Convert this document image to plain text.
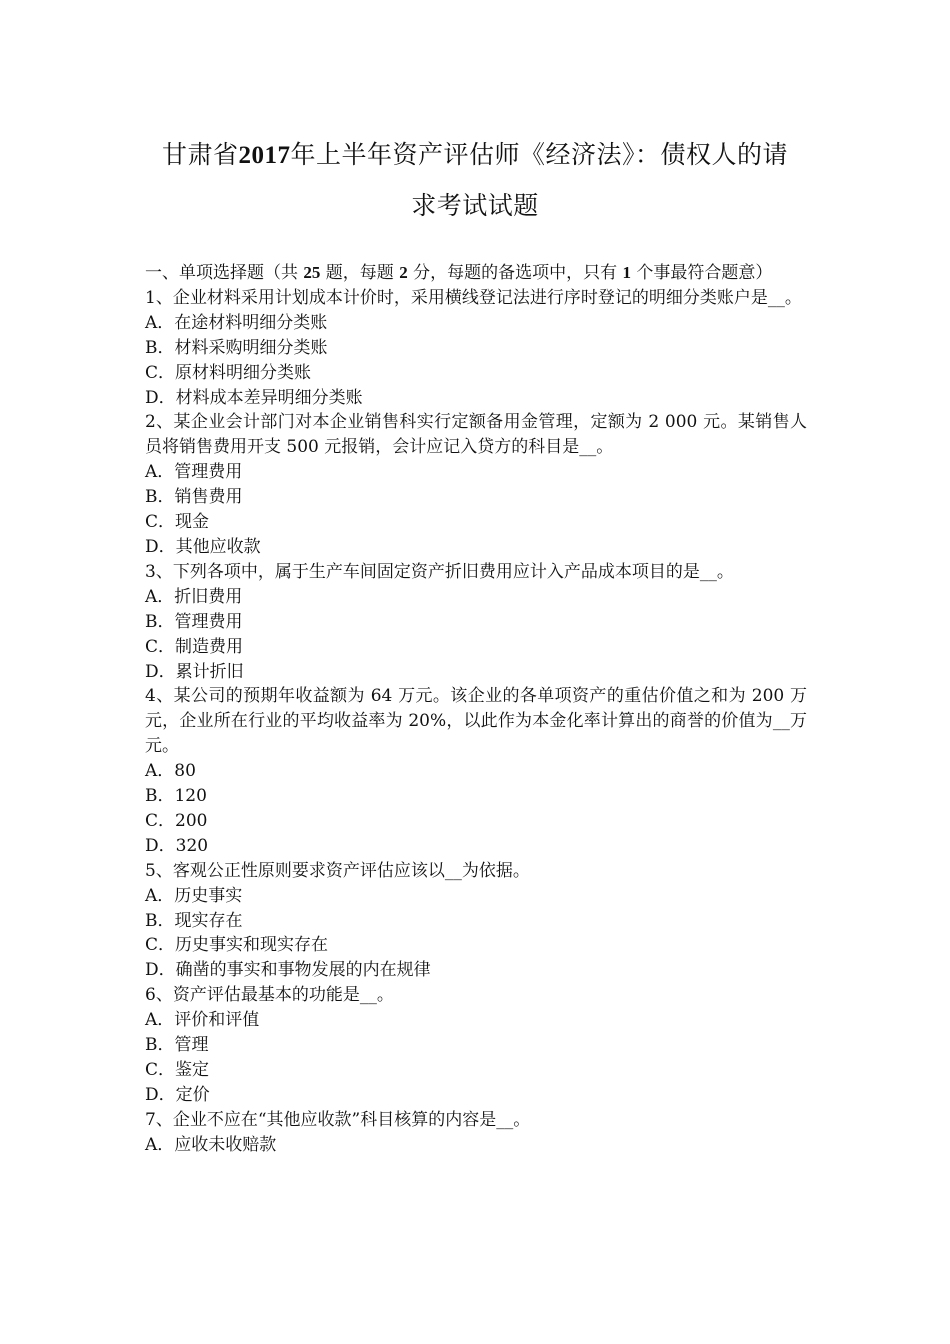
甘肃省2017年上半年资产评估师《经济法》：债权人的请
求考试试题

一、单项选择题（共 25 题，每题 2 分，每题的备选项中，只有 1 个事最符合题意）

1、企业材料采用计划成本计价时，采用横线登记法进行序时登记的明细分类账户是__。

A．在途材料明细分类账

B．材料采购明细分类账

C．原材料明细分类账

D．材料成本差异明细分类账

2、某企业会计部门对本企业销售科实行定额备用金管理，定额为 2 000 元。某销售人员将销售费用开支 500 元报销，会计应记入贷方的科目是__。

A．管理费用

B．销售费用

C．现金

D．其他应收款

3、下列各项中，属于生产车间固定资产折旧费用应计入产品成本项目的是__。

A．折旧费用

B．管理费用

C．制造费用

D．累计折旧

4、某公司的预期年收益额为 64 万元。该企业的各单项资产的重估价值之和为 200 万元，企业所在行业的平均收益率为 20%，以此作为本金化率计算出的商誉的价值为__万元。

A．80

B．120

C．200

D．320

5、客观公正性原则要求资产评估应该以__为依据。

A．历史事实

B．现实存在

C．历史事实和现实存在

D．确凿的事实和事物发展的内在规律

6、资产评估最基本的功能是__。

A．评价和评值

B．管理

C．鉴定

D．定价

7、企业不应在“其他应收款”科目核算的内容是__。

A．应收未收赔款
